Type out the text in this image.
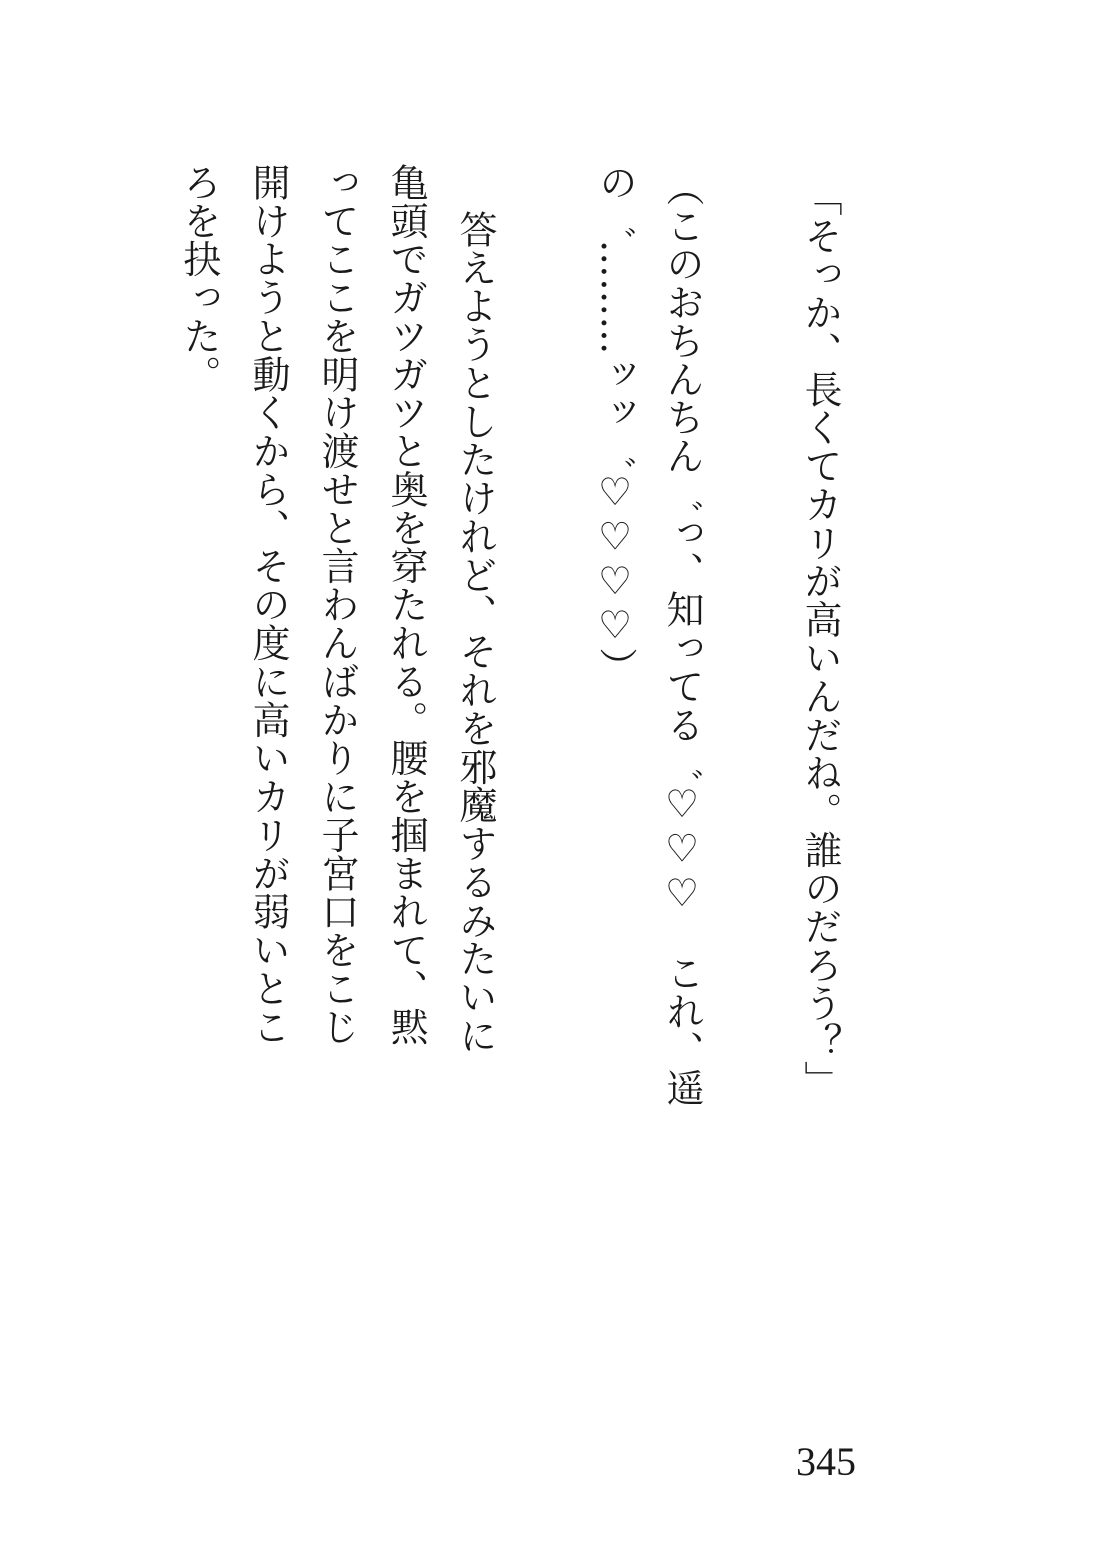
「そっか、長くてカリが高いんだね。誰のだろう？」

（このおちんちん゛っ、知ってる゛♡♡♡　これ、遥

の゛………ッッ゛♡♡♡♡）

答えようとしたけれど、それを邪魔するみたいに

亀頭でガツガツと奥を穿たれる。腰を掴まれて、黙

ってここを明け渡せと言わんばかりに子宮口をこじ

開けようと動くから、その度に高いカリが弱いとこ

ろを抉った。

345
